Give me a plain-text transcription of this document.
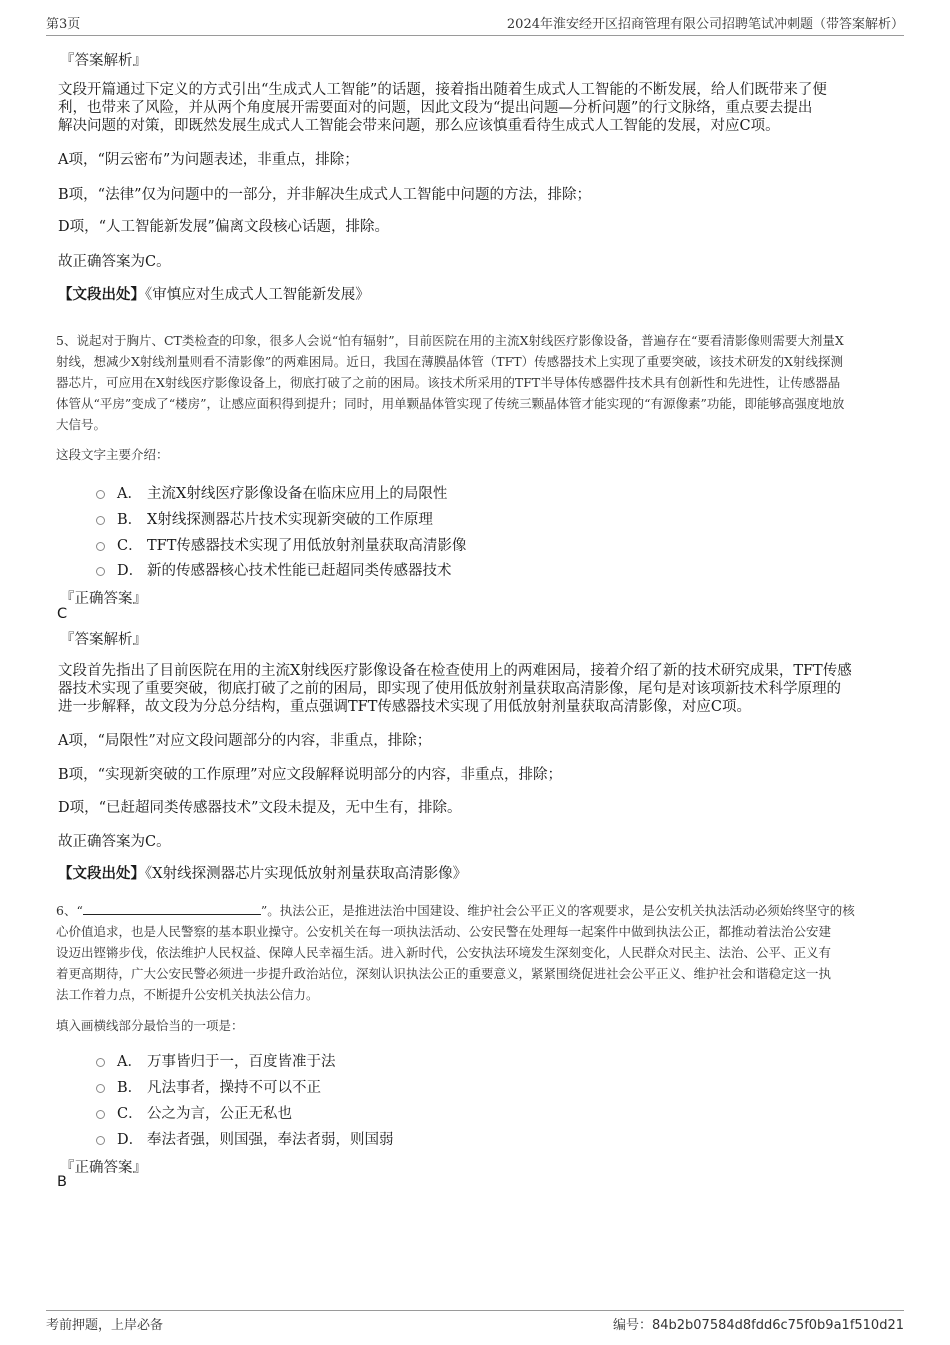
第3页	2024年淮安经开区招商管理有限公司招聘笔试冲刺题（带答案解析）
『答案解析』
文段开篇通过下定义的方式引出“生成式人工智能”的话题，接着指出随着生成式人工智能的不断发展，给人们既带来了便
利，也带来了风险，并从两个角度展开需要面对的问题，因此文段为“提出问题—分析问题”的行文脉络，重点要去提出
解决问题的对策，即既然发展生成式人工智能会带来问题，那么应该慎重看待生成式人工智能的发展，对应C项。
A项，“阴云密布”为问题表述，非重点，排除；
B项，“法律”仅为问题中的一部分，并非解决生成式人工智能中问题的方法，排除；
D项，“人工智能新发展”偏离文段核心话题，排除。
故正确答案为C。
【文段出处】《审慎应对生成式人工智能新发展》
5、说起对于胸片、CT类检查的印象，很多人会说“怕有辐射”，目前医院在用的主流X射线医疗影像设备，普遍存在“要看清影像则需要大剂量X
射线，想减少X射线剂量则看不清影像”的两难困局。近日，我国在薄膜晶体管（TFT）传感器技术上实现了重要突破，该技术研发的X射线探测
器芯片，可应用在X射线医疗影像设备上，彻底打破了之前的困局。该技术所采用的TFT半导体传感器件技术具有创新性和先进性，让传感器晶
体管从“平房”变成了“楼房”，让感应面积得到提升；同时，用单颗晶体管实现了传统三颗晶体管才能实现的“有源像素”功能，即能够高强度地放
大信号。
这段文字主要介绍：
A． 主流X射线医疗影像设备在临床应用上的局限性
B． X射线探测器芯片技术实现新突破的工作原理
C． TFT传感器技术实现了用低放射剂量获取高清影像
D． 新的传感器核心技术性能已赶超同类传感器技术
『正确答案』
C
『答案解析』
文段首先指出了目前医院在用的主流X射线医疗影像设备在检查使用上的两难困局，接着介绍了新的技术研究成果，TFT传感
器技术实现了重要突破，彻底打破了之前的困局，即实现了使用低放射剂量获取高清影像，尾句是对该项新技术科学原理的
进一步解释，故文段为分总分结构，重点强调TFT传感器技术实现了用低放射剂量获取高清影像，对应C项。
A项，“局限性”对应文段问题部分的内容，非重点，排除；
B项，“实现新突破的工作原理”对应文段解释说明部分的内容，非重点，排除；
D项，“已赶超同类传感器技术”文段未提及，无中生有，排除。
故正确答案为C。
【文段出处】《X射线探测器芯片实现低放射剂量获取高清影像》
6、“	”。执法公正，是推进法治中国建设、维护社会公平正义的客观要求，是公安机关执法活动必须始终坚守的核
心价值追求，也是人民警察的基本职业操守。公安机关在每一项执法活动、公安民警在处理每一起案件中做到执法公正，都推动着法治公安建
设迈出铿锵步伐，依法维护人民权益、保障人民幸福生活。进入新时代，公安执法环境发生深刻变化，人民群众对民主、法治、公平、正义有
着更高期待，广大公安民警必须进一步提升政治站位，深刻认识执法公正的重要意义，紧紧围绕促进社会公平正义、维护社会和谐稳定这一执
法工作着力点，不断提升公安机关执法公信力。
填入画横线部分最恰当的一项是：
A． 万事皆归于一，百度皆准于法
B． 凡法事者，操持不可以不正
C． 公之为言，公正无私也
D． 奉法者强，则国强，奉法者弱，则国弱
『正确答案』
B
考前押题，上岸必备	编号：84b2b07584d8fdd6c75f0b9a1f510d21
